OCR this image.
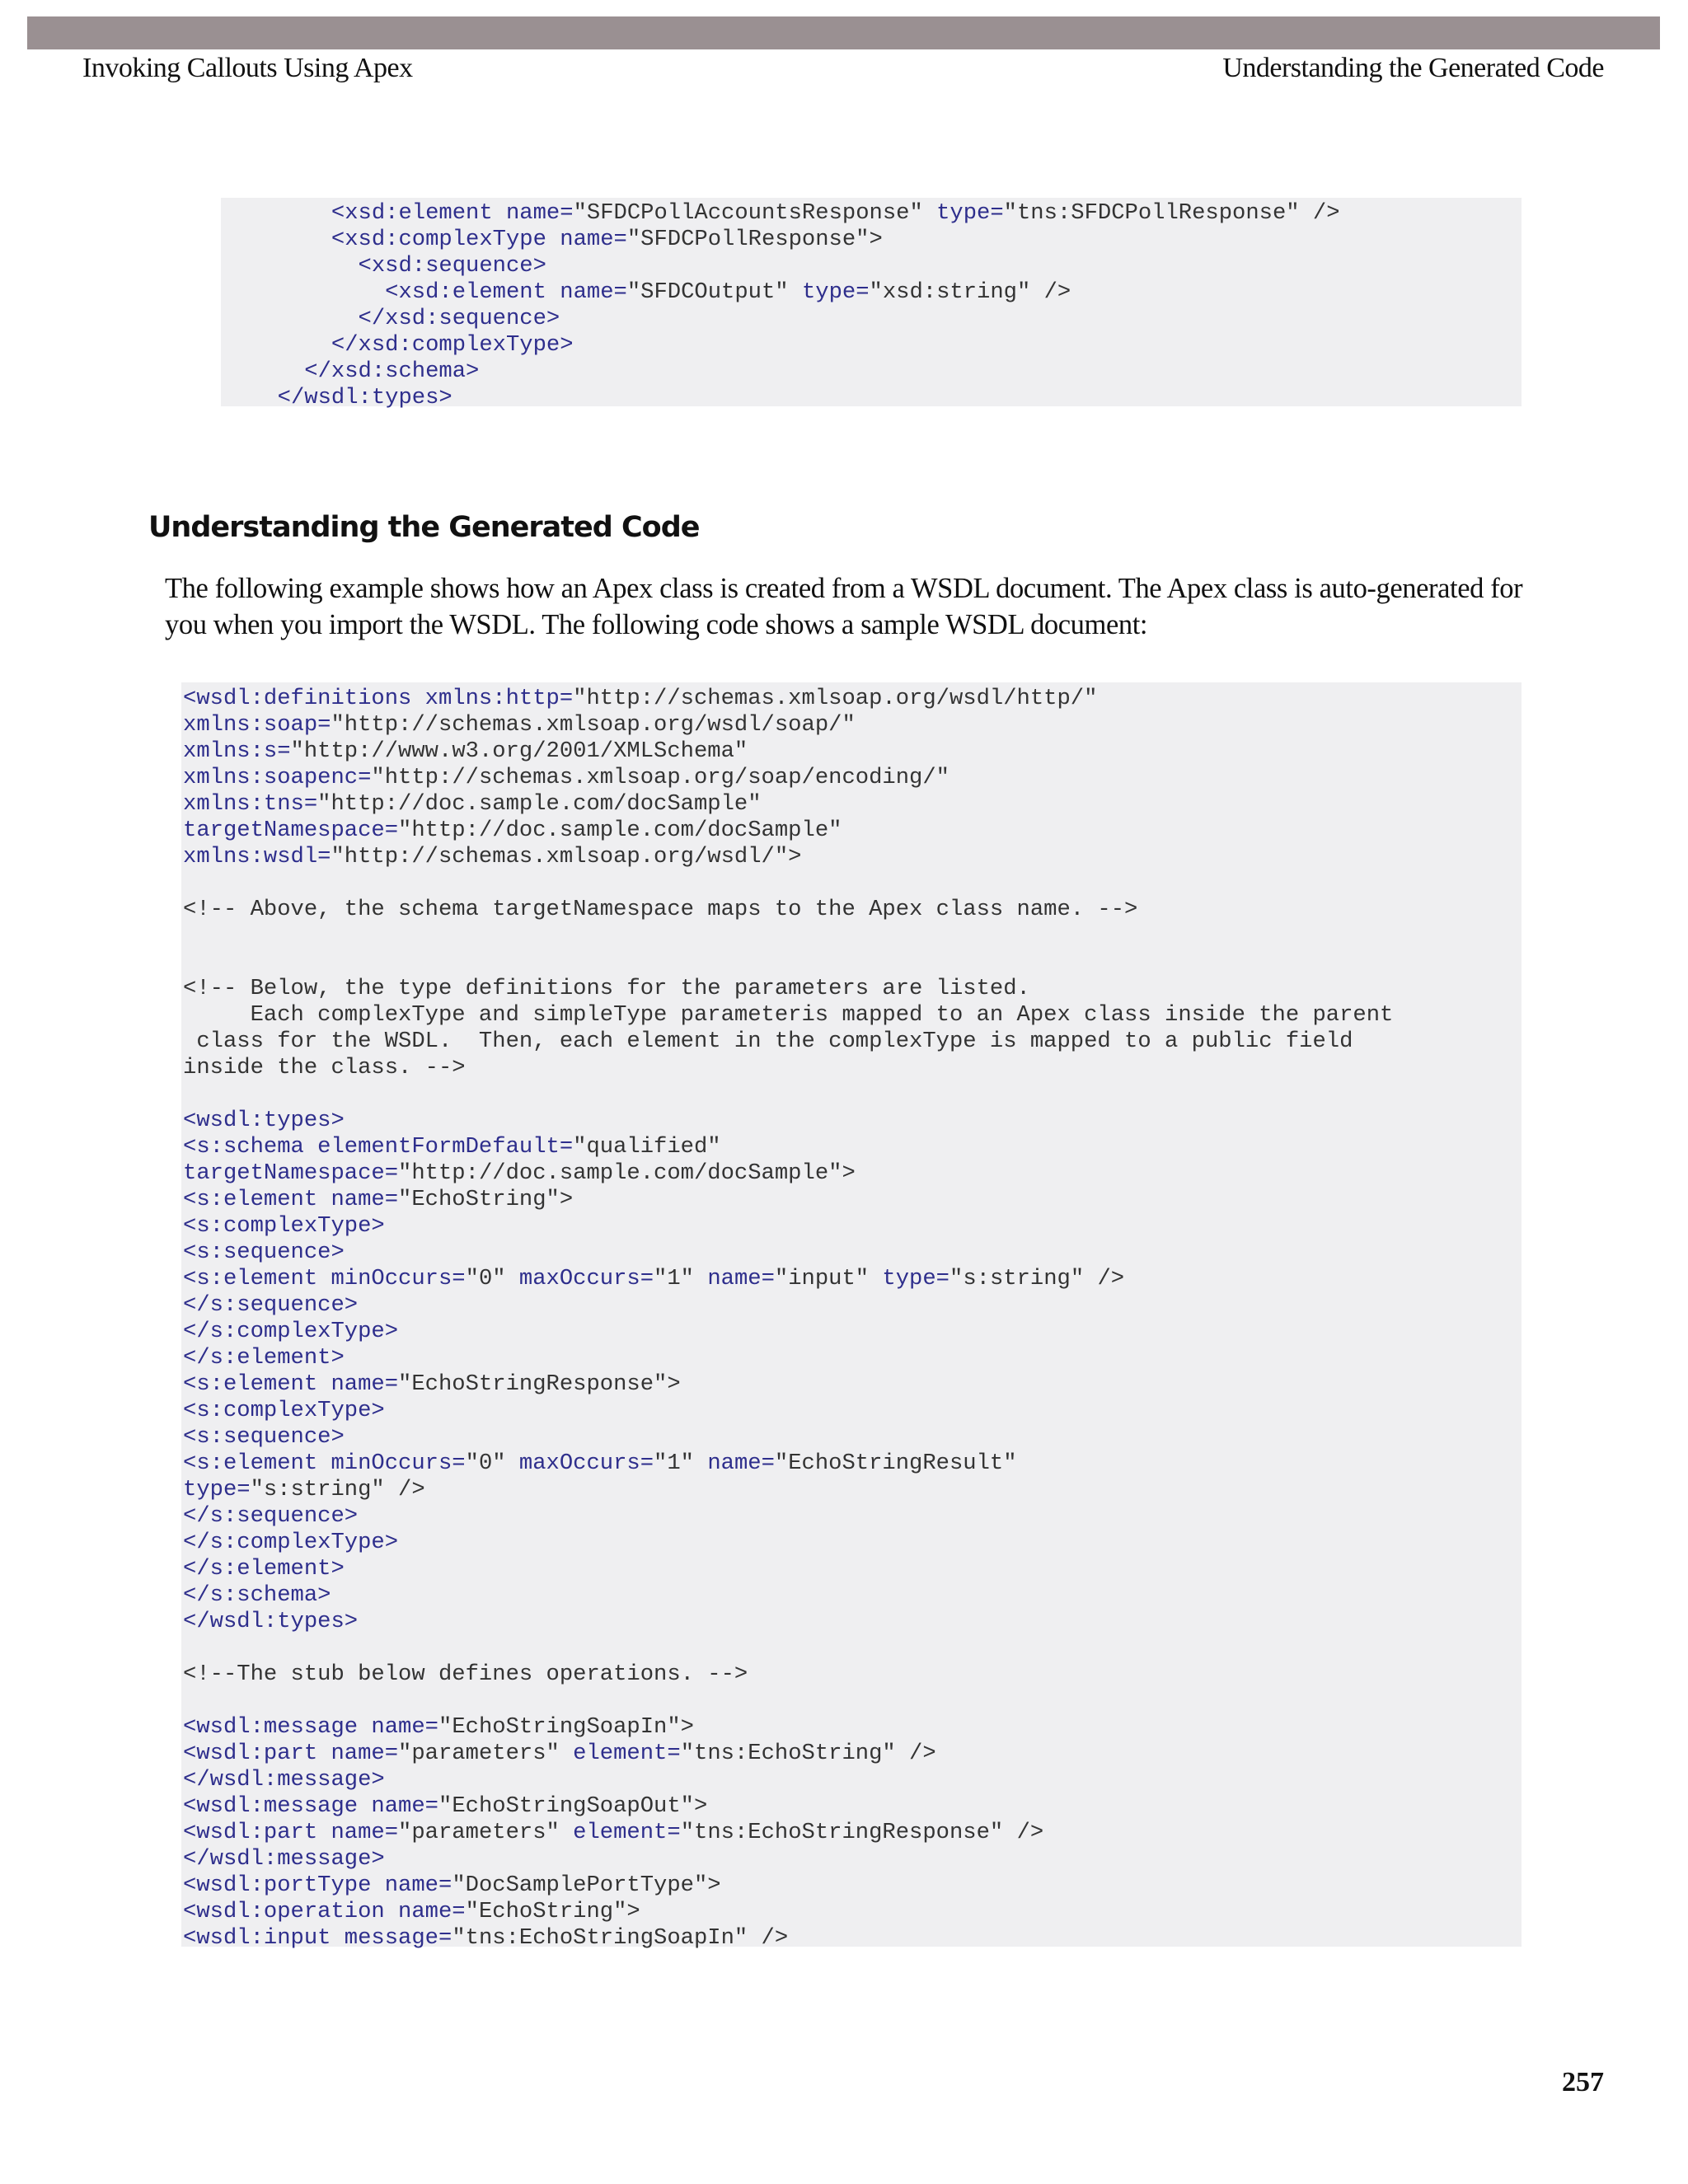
Invoking Callouts Using Apex	Understanding the Generated Code

<xsd:element name="SFDCPollAccountsResponse" type="tns:SFDCPollResponse" />
<xsd:complexType name="SFDCPollResponse">
<xsd:sequence>
<xsd:element name="SFDCOutput" type="xsd:string" />
</xsd:sequence>
</xsd:complexType>
</xsd:schema>
</wsdl:types>

Understanding the Generated Code

The following example shows how an Apex class is created from a WSDL document. The Apex class is auto-generated for you when you import the WSDL. The following code shows a sample WSDL document:

<wsdl:definitions xmlns:http="http://schemas.xmlsoap.org/wsdl/http/"
xmlns:soap="http://schemas.xmlsoap.org/wsdl/soap/"
xmlns:s="http://www.w3.org/2001/XMLSchema"
xmlns:soapenc="http://schemas.xmlsoap.org/soap/encoding/"
xmlns:tns="http://doc.sample.com/docSample"
targetNamespace="http://doc.sample.com/docSample"
xmlns:wsdl="http://schemas.xmlsoap.org/wsdl/">

<!-- Above, the schema targetNamespace maps to the Apex class name. -->

<!-- Below, the type definitions for the parameters are listed.
Each complexType and simpleType parameteris mapped to an Apex class inside the parent
class for the WSDL.  Then, each element in the complexType is mapped to a public field
inside the class. -->

<wsdl:types>
<s:schema elementFormDefault="qualified"
targetNamespace="http://doc.sample.com/docSample">
<s:element name="EchoString">
<s:complexType>
<s:sequence>
<s:element minOccurs="0" maxOccurs="1" name="input" type="s:string" />
</s:sequence>
</s:complexType>
</s:element>
<s:element name="EchoStringResponse">
<s:complexType>
<s:sequence>
<s:element minOccurs="0" maxOccurs="1" name="EchoStringResult"
type="s:string" />
</s:sequence>
</s:complexType>
</s:element>
</s:schema>
</wsdl:types>

<!--The stub below defines operations. -->

<wsdl:message name="EchoStringSoapIn">
<wsdl:part name="parameters" element="tns:EchoString" />
</wsdl:message>
<wsdl:message name="EchoStringSoapOut">
<wsdl:part name="parameters" element="tns:EchoStringResponse" />
</wsdl:message>
<wsdl:portType name="DocSamplePortType">
<wsdl:operation name="EchoString">
<wsdl:input message="tns:EchoStringSoapIn" />

257
